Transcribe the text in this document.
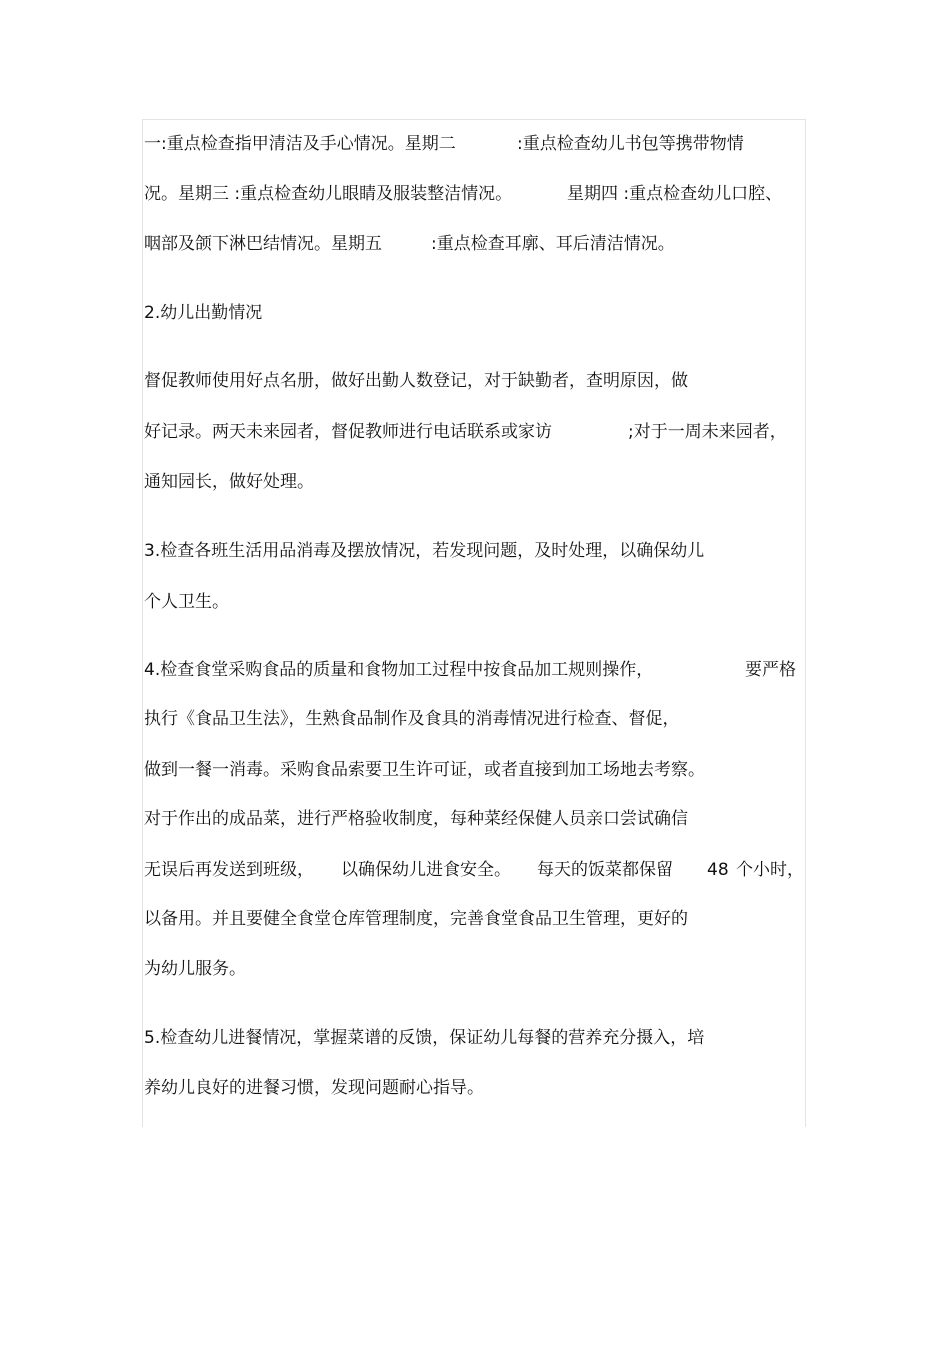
一:重点检查指甲清洁及手心情况。星期二

	:重点检查幼儿书包等携带物情

况。星期三 :重点检查幼儿眼睛及服装整洁情况。

	星期四 :重点检查幼儿口腔、

咽部及颌下淋巴结情况。星期五

	:重点检查耳廓、耳后清洁情况。

2.幼儿出勤情况
督促教师使用好点名册，做好出勤人数登记，对于缺勤者，查明原因，做

好记录。两天未来园者，督促教师进行电话联系或家访

	;对于一周未来园者，

通知园长，做好处理。
3.检查各班生活用品消毒及摆放情况，若发现问题，及时处理，以确保幼儿
个人卫生。

4.检查食堂采购食品的质量和食物加工过程中按食品加工规则操作，

	要严格

执行《食品卫生法》，生熟食品制作及食具的消毒情况进行检查、督促，
做到一餐一消毒。采购食品索要卫生许可证，或者直接到加工场地去考察。
对于作出的成品菜，进行严格验收制度，每种菜经保健人员亲口尝试确信

无误后再发送到班级，

以确保幼儿进食安全。

每天的饭菜都保留

48

个小时，

以备用。并且要健全食堂仓库管理制度，完善食堂食品卫生管理，更好的
为幼儿服务。
5.检查幼儿进餐情况，掌握菜谱的反馈，保证幼儿每餐的营养充分摄入，培
养幼儿良好的进餐习惯，发现问题耐心指导。
